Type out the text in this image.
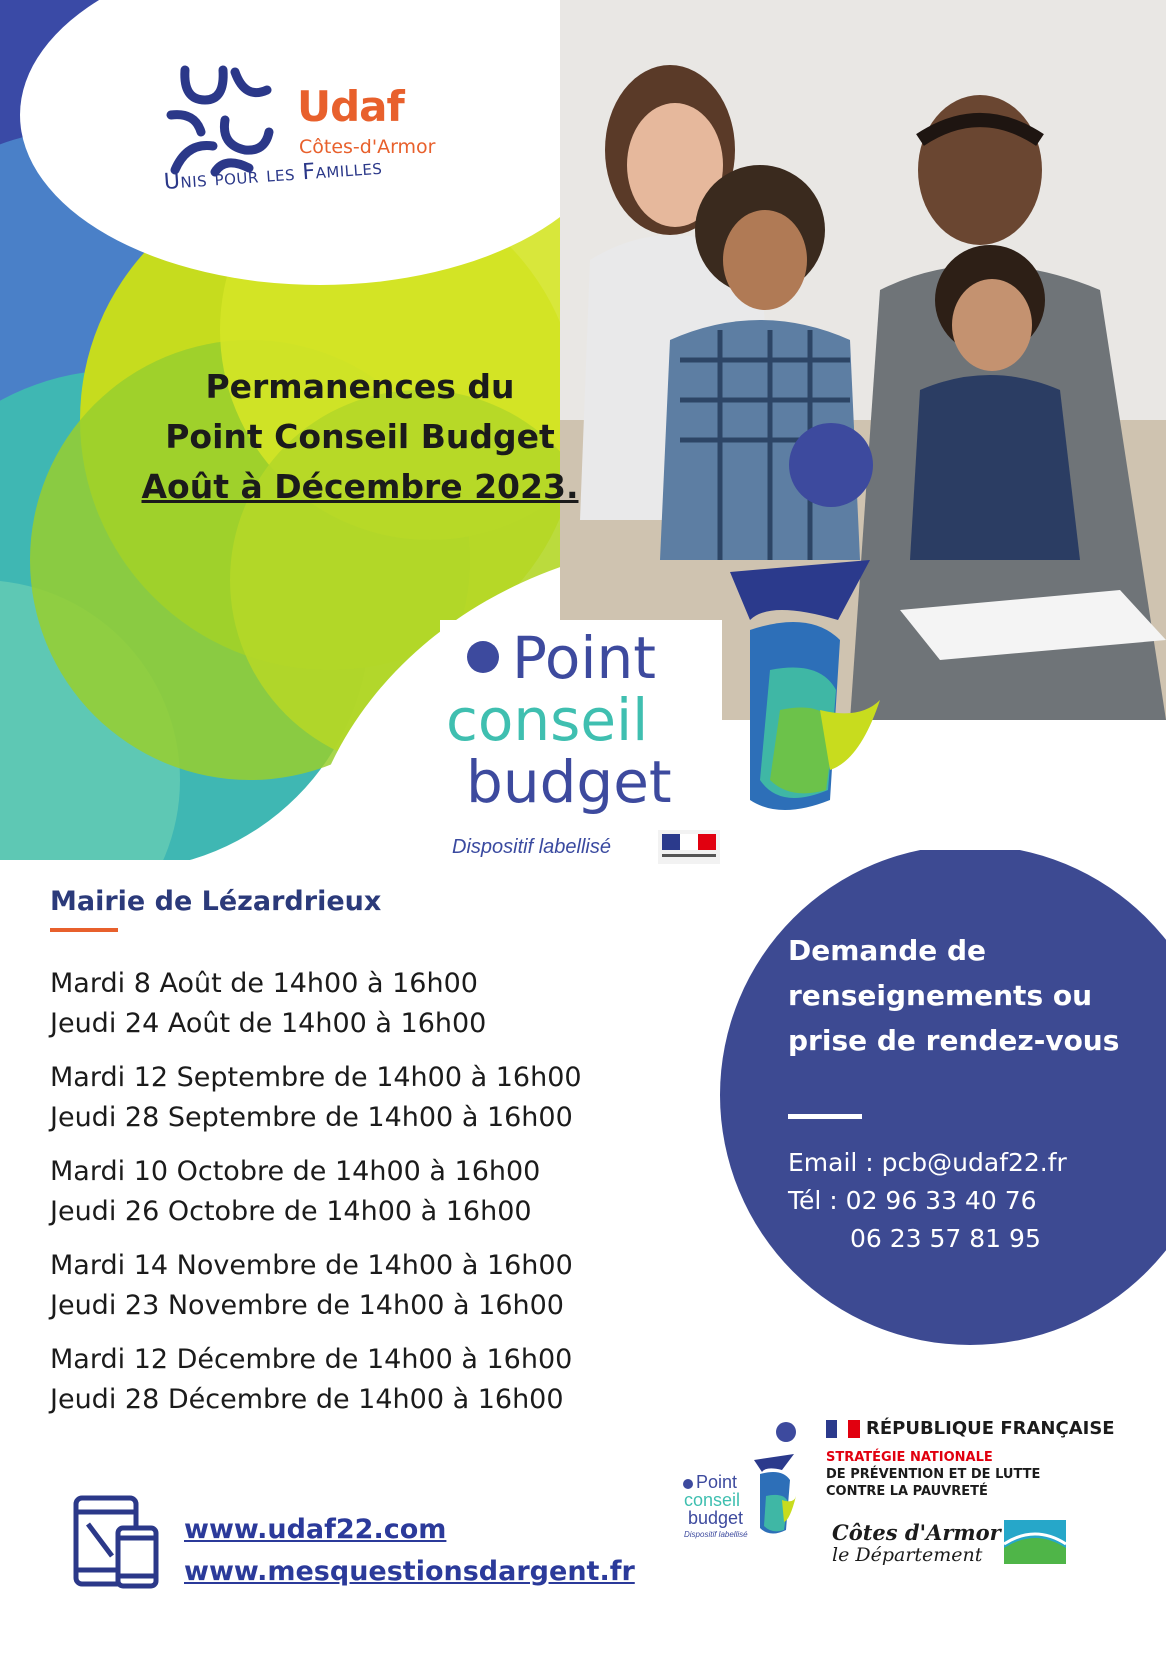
Udaf
Côtes-d'Armor
Unis pour les Familles
Permanences du
Point Conseil Budget
Août à Décembre 2023.
Point
conseil
budget
Dispositif labellisé
Mairie de Lézardrieux
Mardi 8 Août de 14h00 à 16h00
Jeudi 24 Août de 14h00 à 16h00
Mardi 12 Septembre de 14h00 à 16h00
Jeudi 28 Septembre de 14h00 à 16h00
Mardi 10 Octobre de 14h00 à 16h00
Jeudi 26 Octobre de 14h00 à 16h00
Mardi 14 Novembre de 14h00 à 16h00
Jeudi 23 Novembre de 14h00 à 16h00
Mardi 12 Décembre de 14h00 à 16h00
Jeudi 28 Décembre de 14h00 à 16h00
Demande de renseignements ou prise de rendez-vous
Email : pcb@udaf22.fr
Tél : 02 96 33 40 76
06 23 57 81 95
www.udaf22.com
www.mesquestionsdargent.fr
Point
conseil
budget
Dispositif labellisé
RÉPUBLIQUE FRANÇAISE
STRATÉGIE NATIONALE
DE PRÉVENTION ET DE LUTTE
CONTRE LA PAUVRETÉ
Côtes d'Armor
le Département
